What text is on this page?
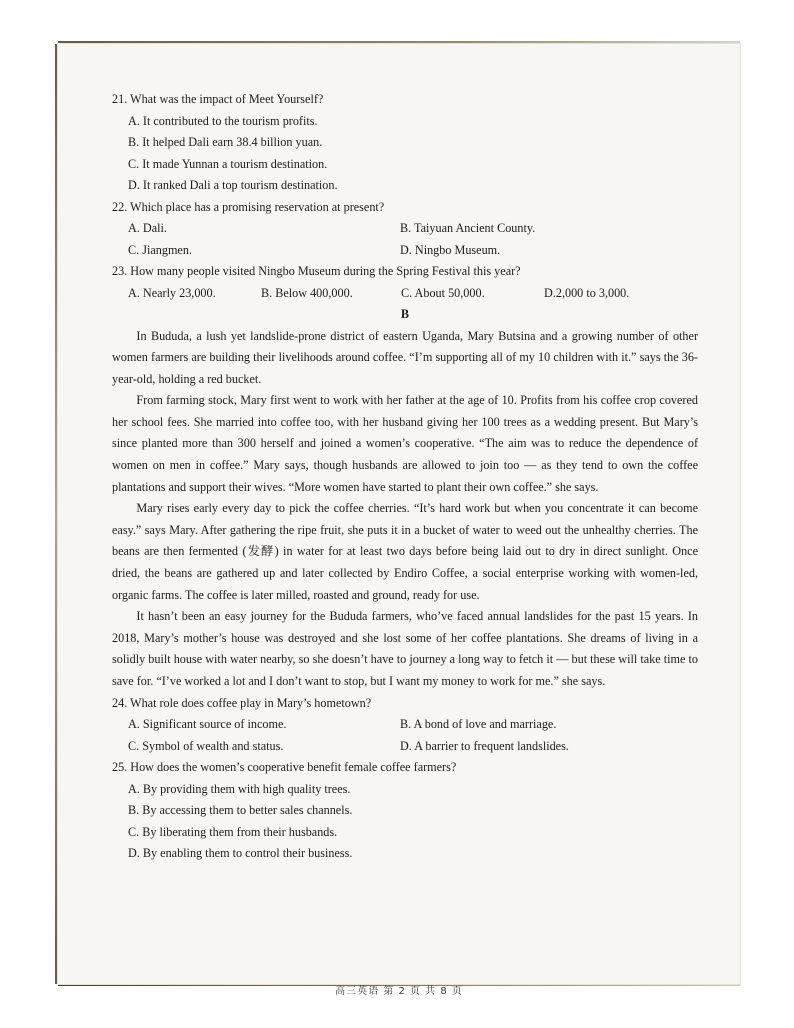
21. What was the impact of Meet Yourself?

A. It contributed to the tourism profits.

B. It helped Dali earn 38.4 billion yuan.

C. It made Yunnan a tourism destination.

D. It ranked Dali a top tourism destination.

22. Which place has a promising reservation at present?

A. Dali.	B. Taiyuan Ancient County.
C. Jiangmen.	D. Ningbo Museum.

23. How many people visited Ningbo Museum during the Spring Festival this year?

A. Nearly 23,000.	B. Below 400,000.	C. About 50,000.	D.2,000 to 3,000.

B

In Bududa, a lush yet landslide-prone district of eastern Uganda, Mary Butsina and a growing number of other women farmers are building their livelihoods around coffee. “I’m supporting all of my 10 children with it.” says the 36-year-old, holding a red bucket.

From farming stock, Mary first went to work with her father at the age of 10. Profits from his coffee crop covered her school fees. She married into coffee too, with her husband giving her 100 trees as a wedding present. But Mary’s since planted more than 300 herself and joined a women’s cooperative. “The aim was to reduce the dependence of women on men in coffee.” Mary says, though husbands are allowed to join too — as they tend to own the coffee plantations and support their wives. “More women have started to plant their own coffee.” she says.

Mary rises early every day to pick the coffee cherries. “It’s hard work but when you concentrate it can become easy.” says Mary. After gathering the ripe fruit, she puts it in a bucket of water to weed out the unhealthy cherries. The beans are then fermented (发酵) in water for at least two days before being laid out to dry in direct sunlight. Once dried, the beans are gathered up and later collected by Endiro Coffee, a social enterprise working with women-led, organic farms. The coffee is later milled, roasted and ground, ready for use.

It hasn’t been an easy journey for the Bududa farmers, who’ve faced annual landslides for the past 15 years. In 2018, Mary’s mother’s house was destroyed and she lost some of her coffee plantations. She dreams of living in a solidly built house with water nearby, so she doesn’t have to journey a long way to fetch it — but these will take time to save for. “I’ve worked a lot and I don’t want to stop, but I want my money to work for me.” she says.

24. What role does coffee play in Mary’s hometown?

A. Significant source of income.	B. A bond of love and marriage.
C. Symbol of wealth and status.	D. A barrier to frequent landslides.

25. How does the women’s cooperative benefit female coffee farmers?

A. By providing them with high quality trees.

B. By accessing them to better sales channels.

C. By liberating them from their husbands.

D. By enabling them to control their business.

高三英语 第 2 页 共 8 页
